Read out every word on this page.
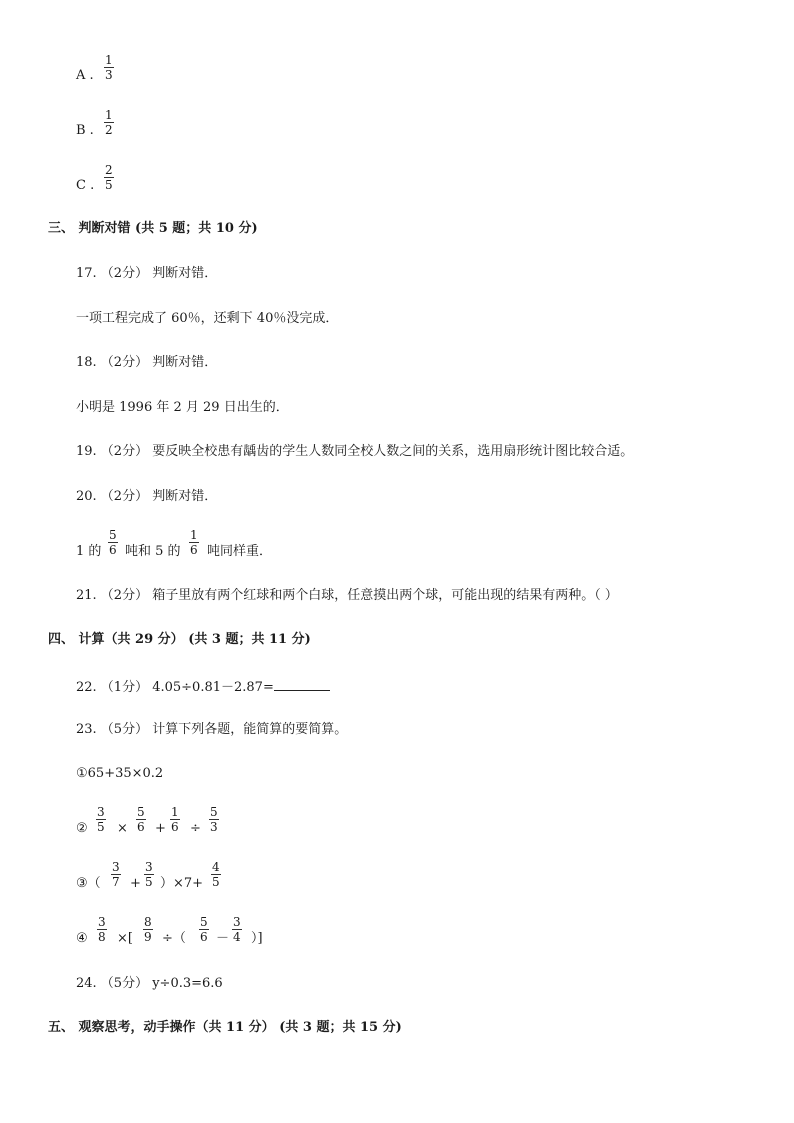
A .
1
3
B .
1
2
C .
2
5
三、 判断对错 (共 5 题；共 10 分)
17. （2分） 判断对错．
一项工程完成了 60％，还剩下 40％没完成．
18. （2分） 判断对错．
小明是 1996 年 2 月 29 日出生的．
19. （2分） 要反映全校患有龋齿的学生人数同全校人数之间的关系，选用扇形统计图比较合适。
20. （2分） 判断对错．
1 的
5
6 吨和 5 的
1
6 吨同样重．
21. （2分） 箱子里放有两个红球和两个白球，任意摸出两个球，可能出现的结果有两种。（ ）
四、 计算（共 29 分） (共 3 题；共 11 分)
22. （1分） 4.05÷0.81－2.87=
23. （5分） 计算下列各题，能简算的要简算。
①65+35×0.2
②
3
5 ×
5
6 +
1
6 ÷
5
3
③（
3
7 +
3
5 ）×7+
4
5
④
3
8 ×[
8
9 ÷（
5
6 －
3
4 ）]
24. （5分） y÷0.3=6.6
五、 观察思考，动手操作（共 11 分） (共 3 题；共 15 分)
